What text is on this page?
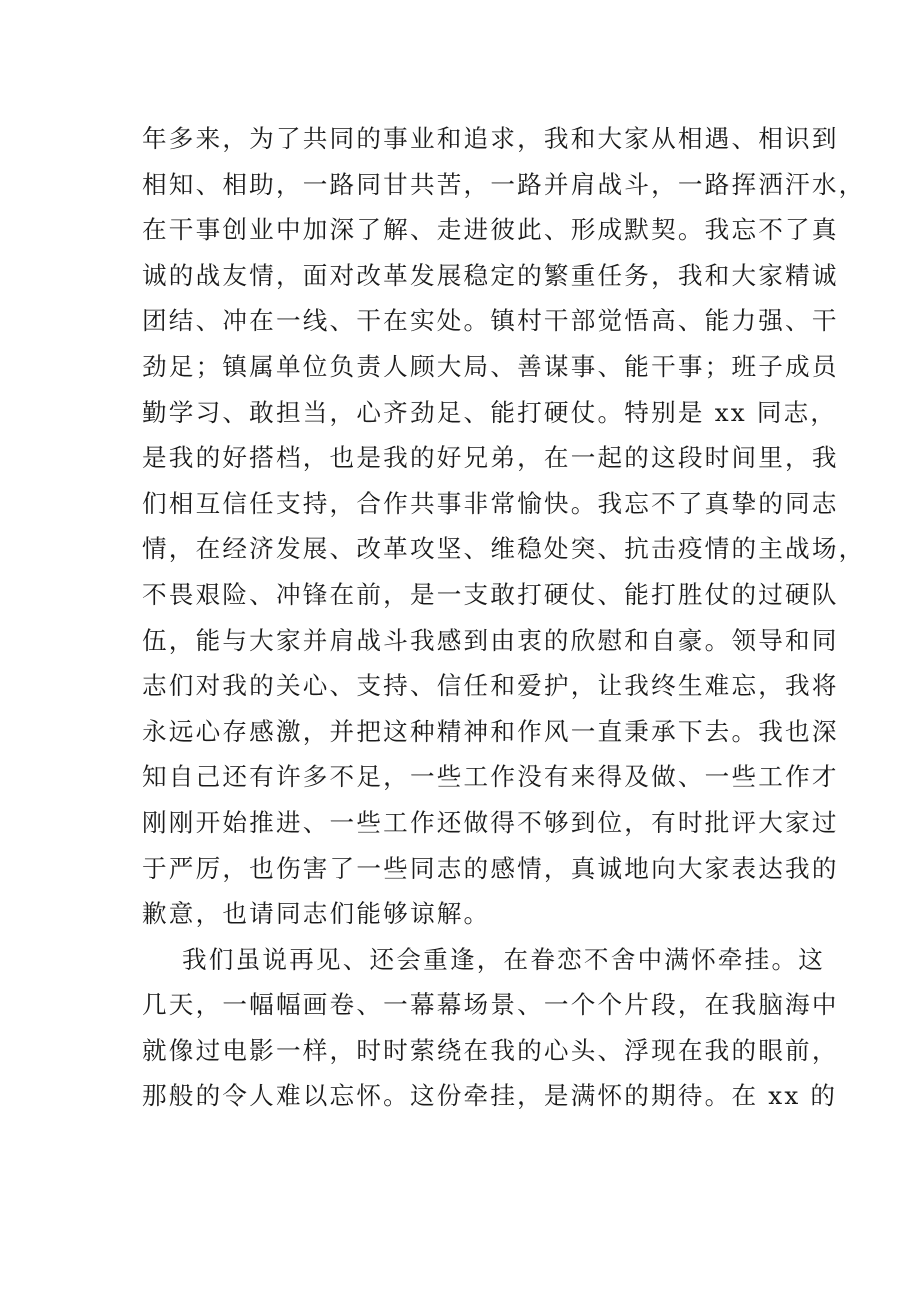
年多来，为了共同的事业和追求，我和大家从相遇、相识到
相知、相助，一路同甘共苦，一路并肩战斗，一路挥洒汗水，
在干事创业中加深了解、走进彼此、形成默契。我忘不了真
诚的战友情，面对改革发展稳定的繁重任务，我和大家精诚
团结、冲在一线、干在实处。镇村干部觉悟高、能力强、干
劲足；镇属单位负责人顾大局、善谋事、能干事；班子成员
勤学习、敢担当，心齐劲足、能打硬仗。特别是 xx 同志，
是我的好搭档，也是我的好兄弟，在一起的这段时间里，我
们相互信任支持，合作共事非常愉快。我忘不了真挚的同志
情，在经济发展、改革攻坚、维稳处突、抗击疫情的主战场，
不畏艰险、冲锋在前，是一支敢打硬仗、能打胜仗的过硬队
伍，能与大家并肩战斗我感到由衷的欣慰和自豪。领导和同
志们对我的关心、支持、信任和爱护，让我终生难忘，我将
永远心存感激，并把这种精神和作风一直秉承下去。我也深
知自己还有许多不足，一些工作没有来得及做、一些工作才
刚刚开始推进、一些工作还做得不够到位，有时批评大家过
于严厉，也伤害了一些同志的感情，真诚地向大家表达我的
歉意，也请同志们能够谅解。
我们虽说再见、还会重逢，在眷恋不舍中满怀牵挂。这
几天，一幅幅画卷、一幕幕场景、一个个片段，在我脑海中
就像过电影一样，时时萦绕在我的心头、浮现在我的眼前，
那般的令人难以忘怀。这份牵挂，是满怀的期待。在 xx 的
